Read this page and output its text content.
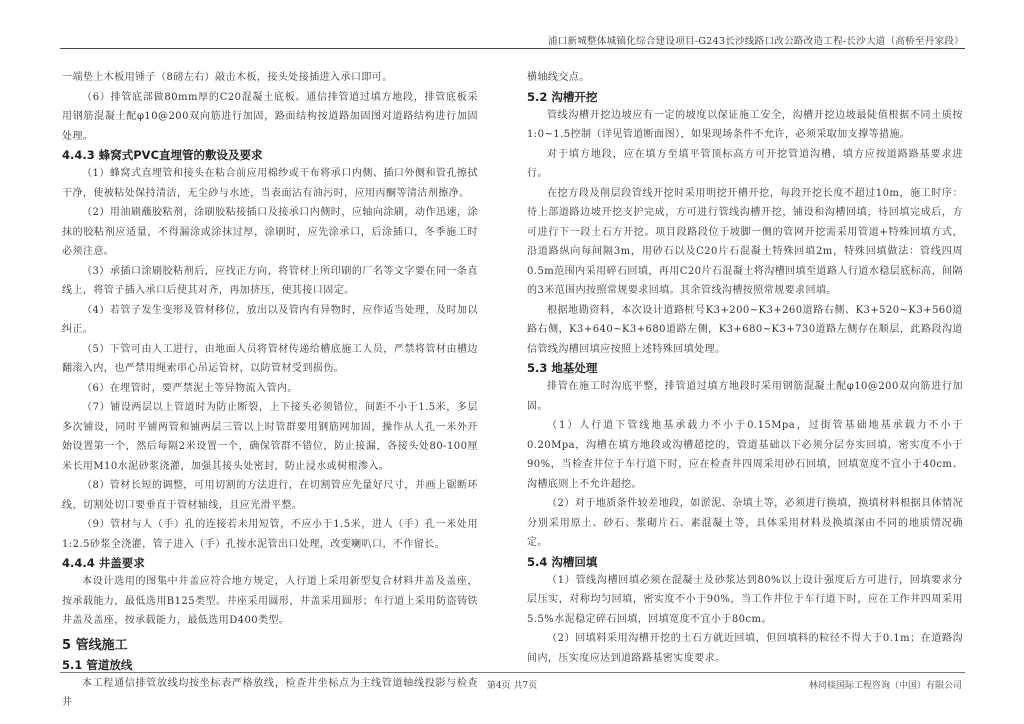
浦口新城整体城镇化综合建设项目-G243长沙线路口改公路改造工程-长沙大道（高桥至丹家段）

一端垫上木板用锤子（8磅左右）敲击木板，接头处接插进入承口即可。

（6）排管底部做80mm厚的C20混凝土底板。通信排管道过填方地段，排管底板采用钢筋混凝土配φ10@200双向筋进行加固，路面结构按道路加固图对道路结构进行加固处理。

4.4.3 蜂窝式PVC直埋管的敷设及要求

（1）蜂窝式直埋管和接头在粘合前应用棉纱或干布将承口内侧、插口外侧和管孔擦拭干净，使被粘处保持清洁，无尘砂与水迹，当表面沾有油污时，应用丙酮等清洁剂擦净。

（2）用油刷蘸胶粘剂，涂刷胶粘接插口及接承口内侧时，应轴向涂刷，动作迅速，涂抹的胶粘剂应适量，不得漏涂或涂抹过厚，涂刷时，应先涂承口，后涂插口，冬季施工时必须注意。

（3）承插口涂刷胶粘剂后，应找正方向，将管材上所印刷的厂名等文字要在同一条直线上，将管子插入承口后使其对齐，再加挤压，使其接口固定。

（4）若管子发生变形及管材移位，放出以及管内有异物时，应作适当处理，及时加以纠正。

（5）下管可由人工进行，由地面人员将管材传递给槽底施工人员，严禁将管材由槽边翻滚入内，也严禁用绳索串心吊运管材，以防管材受到损伤。

（6）在埋管时，要严禁泥土等异物流入管内。

（7）铺设两层以上管道时为防止断裂，上下接头必须错位，间距不小于1.5米，多层多次铺设，同时平铺两管和铺两层三管以上时管群要用钢筋网加固，操作从人孔一米外开始设置第一个，然后每隔2米设置一个，确保管群不错位，防止接漏，各接头处80-100厘米长用M10水泥砂浆浇灌，加强其接头处密封，防止浸水或树根渗入。

（8）管材长短的调整，可用切割的方法进行，在切割管应先量好尺寸，并画上锯断环线，切割处切口要垂直于管材轴线，且应光滑平整。

（9）管材与人（手）孔的连接若未用短管，不应小于1.5米，进人（手）孔一米处用1:2.5砂浆全浇灌，管子进入（手）孔按水泥管出口处理，改变喇叭口，不作留长。

4.4.4 井盖要求

本设计选用的图集中井盖应符合地方规定，人行道上采用新型复合材料井盖及盖座，按承载能力，最低选用B125类型。井座采用圆形，井盖采用圆形；车行道上采用防盗铸铁井盖及盖座，按承载能力，最低选用D400类型。

5 管线施工
5.1 管道放线

本工程通信排管放线均按坐标表严格放线，检查井坐标点为主线管道轴线投影与检查井

横轴线交点。

5.2 沟槽开挖

管线沟槽开挖边坡应有一定的坡度以保证施工安全，沟槽开挖边坡最陡值根据不同土质按1:0~1.5控制（详见管道断面图），如果现场条件不允许，必须采取加支撑等措施。

对于填方地段，应在填方至填平管顶标高方可开挖管道沟槽，填方应按道路路基要求进行。

在挖方段及削层段管线开挖时采用明挖开槽开挖，每段开挖长度不超过10m，施工时序：待上部道路边坡开挖支护完成，方可进行管线沟槽开挖，铺设和沟槽回填，待回填完成后，方可进行下一段土石方开挖。项目段路段位于坡脚一侧的管网开挖需采用管道+特殊回填方式，沿道路纵向每间隔3m，用砂石以及C20片石混凝土特殊回填2m，特殊回填做法：管线四周0.5m范围内采用碎石回填，再用C20片石混凝土将沟槽回填至道路人行道水稳层底标高，间隔的3米范围内按照常规要求回填。其余管线沟槽按照常规要求回填。

根据地勘资料，本次设计道路桩号K3+200~K3+260道路右侧、K3+520~K3+560道路右侧，K3+640~K3+680道路左侧，K3+680~K3+730道路左侧存在顺层，此路段沟道信管线沟槽回填应按照上述特殊回填处理。

5.3 地基处理

排管在施工时沟底平整，排管道过填方地段时采用钢筋混凝土配φ10@200双向筋进行加固。

（1）人行道下管线地基承载力不小于0.15Mpa，过街管基础地基承载力不小于0.20Mpa，沟槽在填方地段或沟槽超挖的，管道基础以下必须分层夯实回填，密实度不小于90%，当检查井位于车行道下时，应在检查井四周采用砂石回填，回填宽度不宜小于40cm、沟槽底则上不允许超挖。

（2）对于地质条件较差地段，如淤泥、杂填土等，必须进行换填，换填材料根据具体情况分别采用原土、砂石、浆砌片石、素混凝土等，具体采用材料及换填深由不同的地质情况确定。

5.4 沟槽回填

（1）管线沟槽回填必须在混凝土及砂浆达到80%以上设计强度后方可进行，回填要求分层压实，对称均匀回填，密实度不小于90%，当工作井位于车行道下时，应在工作井四周采用5.5%水泥稳定碎石回填，回填宽度不宜小于80cm。

（2）回填料采用沟槽开挖的土石方就近回填，但回填料的粒径不得大于0.1m；在道路沟间内，压实度应达到道路路基密实度要求。

第4页 共7页	林同棪国际工程咨询（中国）有限公司
